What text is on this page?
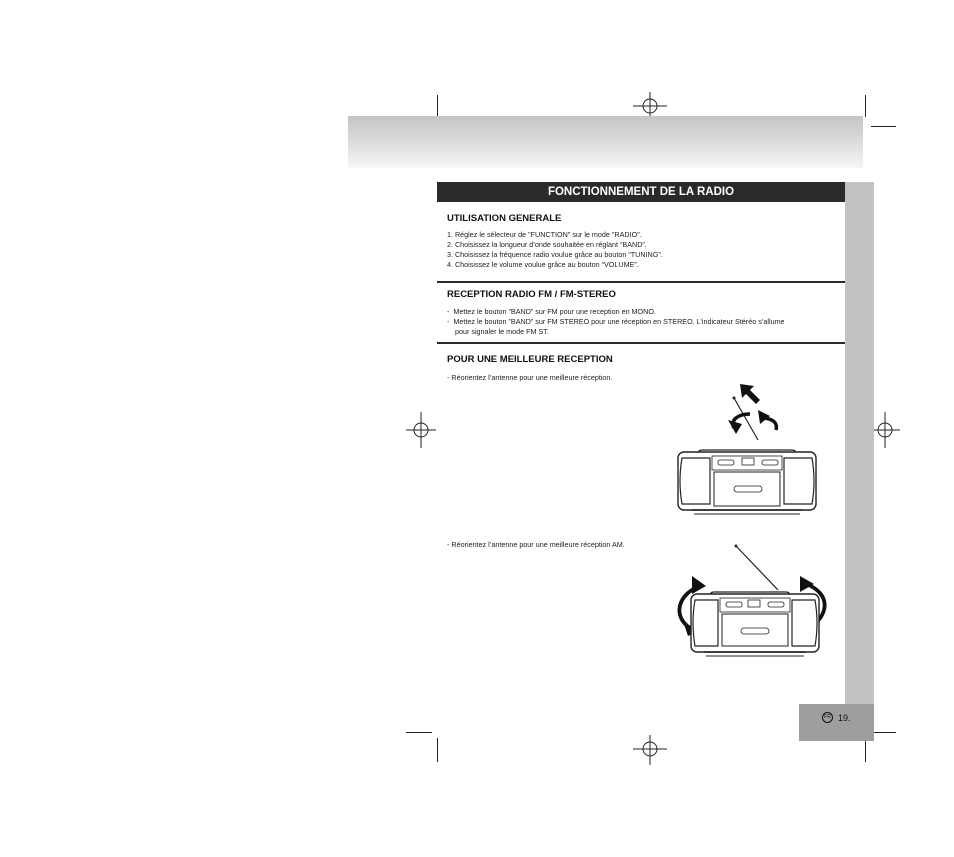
FR 19.
FONCTIONNEMENT DE LA RADIO
UTILISATION GENERALE
1. Réglez le sélecteur de "FUNCTION" sur le mode "RADIO".
2. Choisissez la longueur d’onde souhaitée en réglant “BAND”.
3. Choisissez la fréquence radio voulue grâce au bouton “TUNING”.
4. Choisissez le volume voulue grâce au bouton “VOLUME”.
RECEPTION RADIO FM / FM-STEREO
-  Mettez le bouton ”BAND” sur FM pour une reception en MONO.
-  Mettez le bouton ”BAND” sur FM STEREO pour une réception en STEREO. L’indicateur Stéréo s’allume
pour signaler le mode FM ST.
POUR UNE MEILLEURE RECEPTION
- Réorientez l’antenne pour une meilleure réception.
- Réorientez l’antenne pour une meilleure réception AM.
